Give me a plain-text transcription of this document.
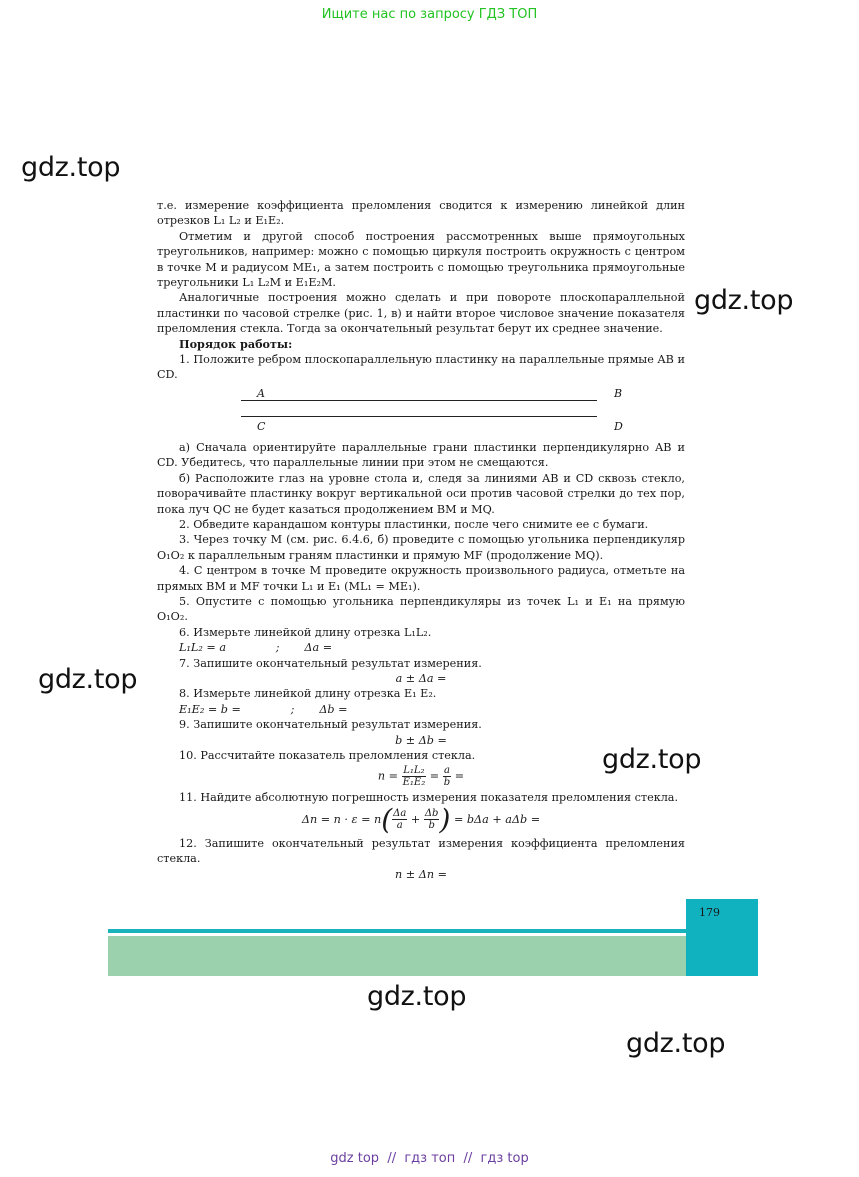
Ищите нас по запросу ГДЗ ТОП
gdz.top
gdz.top
gdz.top
gdz.top
gdz.top
gdz.top

т.е. измерение коэффициента преломления сводится к измерению линейкой длин отрезков L₁ L₂ и E₁E₂.

Отметим и другой способ построения рассмотренных выше прямоугольных треугольников, например: можно с помощью циркуля построить окружность с центром в точке M и радиусом ME₁, а затем построить с помощью треугольника прямоугольные треугольники L₁ L₂M и E₁E₂M.

Аналогичные построения можно сделать и при повороте плоскопараллельной пластинки по часовой стрелке (рис. 1, в) и найти второе числовое значение показателя преломления стекла. Тогда за окончательный результат берут их среднее значение.

Порядок работы:

1. Положите ребром плоскопараллельную пластинку на параллельные прямые AB и CD.

A	B
C	D

а) Сначала ориентируйте параллельные грани пластинки перпендикулярно AB и CD. Убедитесь, что параллельные линии при этом не смещаются.

б) Расположите глаз на уровне стола и, следя за линиями AB и CD сквозь стекло, поворачивайте пластинку вокруг вертикальной оси против часовой стрелки до тех пор, пока луч QC не будет казаться продолжением BM и MQ.

2. Обведите карандашом контуры пластинки, после чего снимите ее с бумаги.

3. Через точку M (см. рис. 6.4.6, б) проведите с помощью угольника перпендикуляр O₁O₂ к параллельным граням пластинки и прямую MF (продолжение MQ).

4. С центром в точке M проведите окружность произвольного радиуса, отметьте на прямых BM и MF точки L₁ и E₁ (ML₁ = ME₁).

5. Опустите с помощью угольника перпендикуляры из точек L₁ и E₁ на прямую O₁O₂.

6. Измерьте линейкой длину отрезка L₁L₂.

L₁L₂ = a              ;       Δa =

7. Запишите окончательный результат измерения.

a ± Δa =

8. Измерьте линейкой длину отрезка E₁ E₂.

E₁E₂ = b =              ;       Δb =

9. Запишите окончательный результат измерения.

b ± Δb =

10. Рассчитайте показатель преломления стекла.

$n = \frac{\text{L₁L₂}}{\text{E₁E₂}} = \frac{a}{b}$ =

11. Найдите абсолютную погрешность измерения показателя преломления стекла.

$\Delta n = n \cdot \varepsilon = n( \frac{\Delta a}{a} + \frac{\Delta b}{b}$ ) = bΔa + aΔb =

12. Запишите окончательный результат измерения коэффициента преломления стекла.

n ± Δn =

179
gdz top  //  гдз топ  //  гдз top
